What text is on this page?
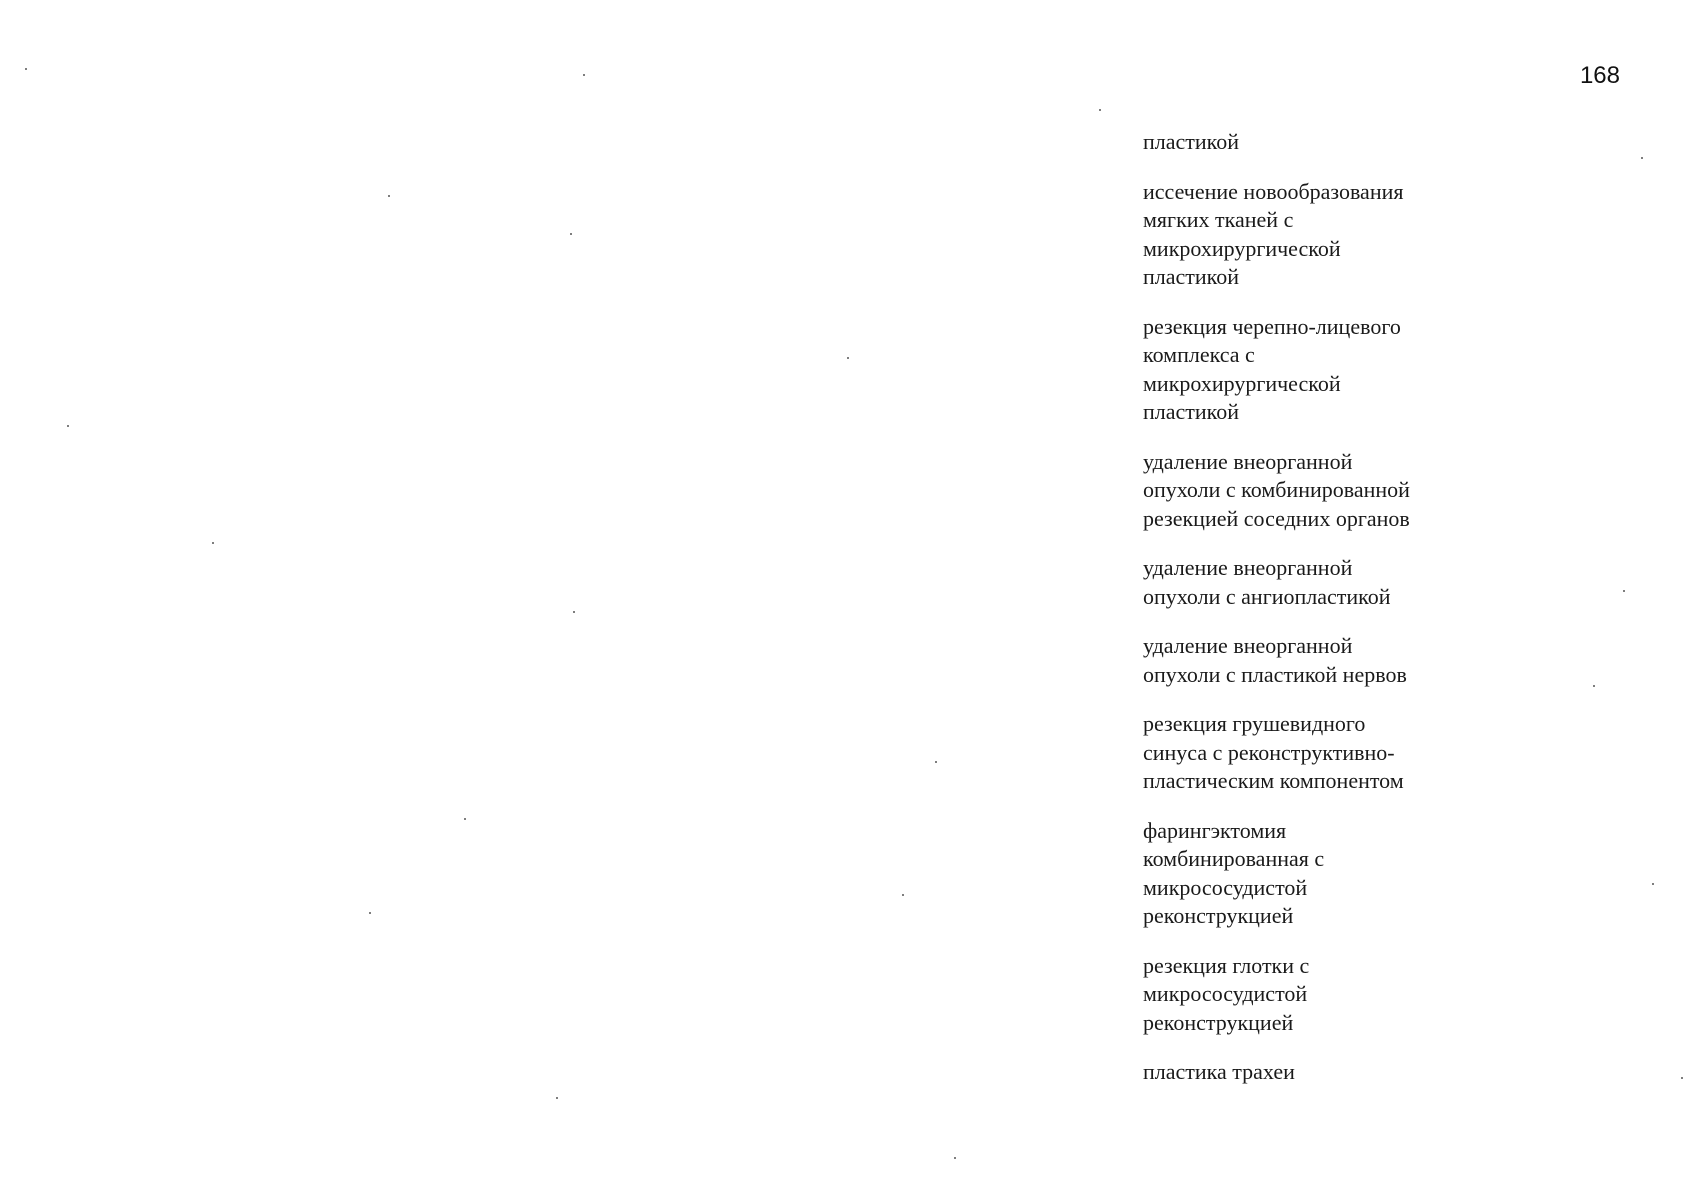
168
пластикой
иссечение новообразования
мягких тканей с
микрохирургической
пластикой
резекция черепно-лицевого
комплекса с
микрохирургической
пластикой
удаление внеорганной
опухоли с комбинированной
резекцией соседних органов
удаление внеорганной
опухоли с ангиопластикой
удаление внеорганной
опухоли с пластикой нервов
резекция грушевидного
синуса с реконструктивно-
пластическим компонентом
фарингэктомия
комбинированная с
микрососудистой
реконструкцией
резекция глотки с
микрососудистой
реконструкцией
пластика трахеи
